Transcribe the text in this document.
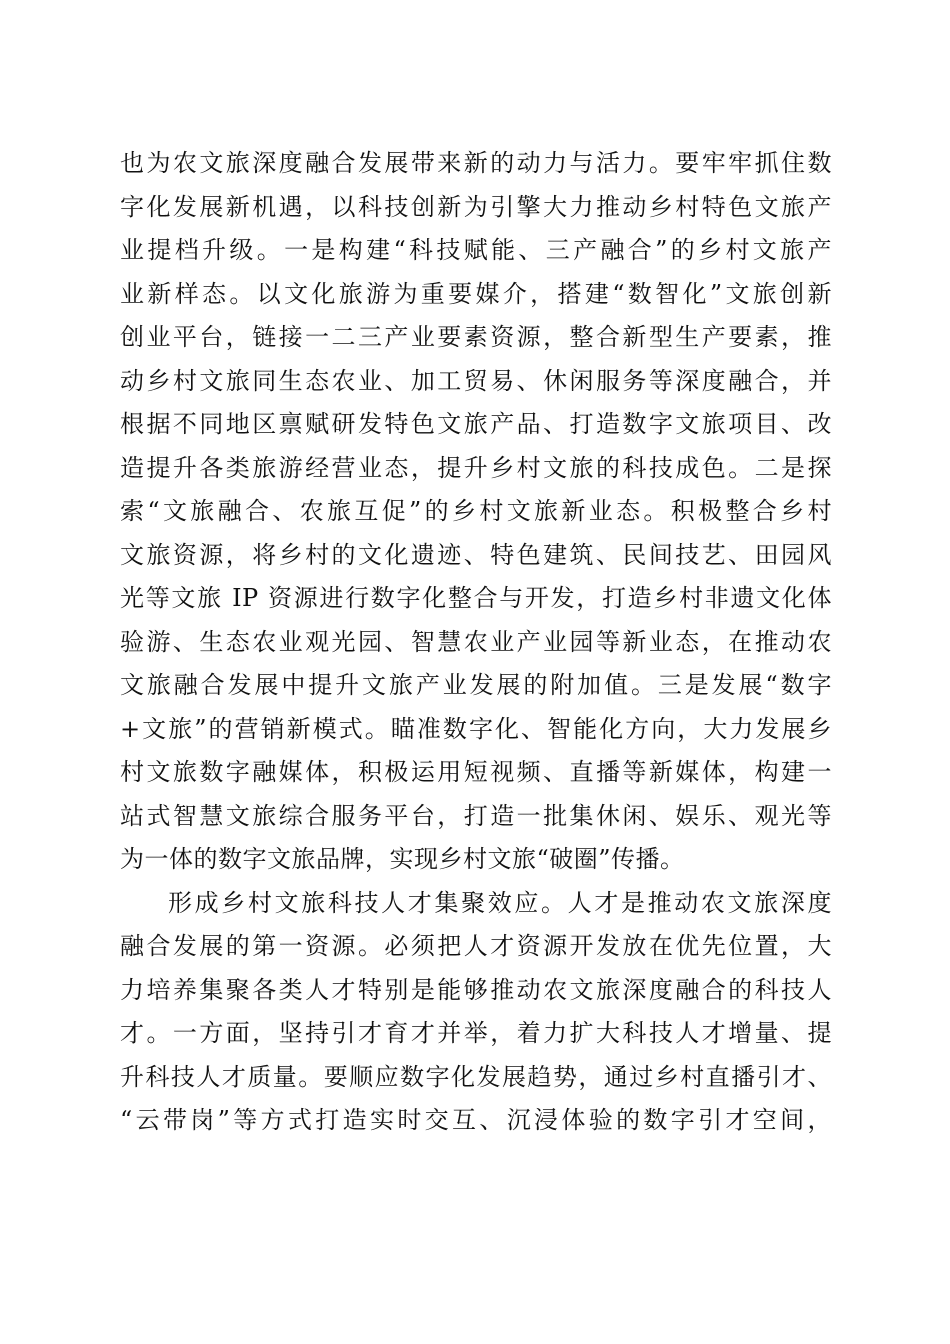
也为农文旅深度融合发展带来新的动力与活力。要牢牢抓住数
字化发展新机遇，以科技创新为引擎大力推动乡村特色文旅产
业提档升级。一是构建“科技赋能、三产融合”的乡村文旅产
业新样态。以文化旅游为重要媒介，搭建“数智化”文旅创新
创业平台，链接一二三产业要素资源，整合新型生产要素，推
动乡村文旅同生态农业、加工贸易、休闲服务等深度融合，并
根据不同地区禀赋研发特色文旅产品、打造数字文旅项目、改
造提升各类旅游经营业态，提升乡村文旅的科技成色。二是探
索“文旅融合、农旅互促”的乡村文旅新业态。积极整合乡村
文旅资源，将乡村的文化遗迹、特色建筑、民间技艺、田园风
光等文旅 IP 资源进行数字化整合与开发，打造乡村非遗文化体
验游、生态农业观光园、智慧农业产业园等新业态，在推动农
文旅融合发展中提升文旅产业发展的附加值。三是发展“数字
+文旅”的营销新模式。瞄准数字化、智能化方向，大力发展乡
村文旅数字融媒体，积极运用短视频、直播等新媒体，构建一
站式智慧文旅综合服务平台，打造一批集休闲、娱乐、观光等
为一体的数字文旅品牌，实现乡村文旅“破圈”传播。
形成乡村文旅科技人才集聚效应。人才是推动农文旅深度
融合发展的第一资源。必须把人才资源开发放在优先位置，大
力培养集聚各类人才特别是能够推动农文旅深度融合的科技人
才。一方面，坚持引才育才并举，着力扩大科技人才增量、提
升科技人才质量。要顺应数字化发展趋势，通过乡村直播引才、
“云带岗”等方式打造实时交互、沉浸体验的数字引才空间，
